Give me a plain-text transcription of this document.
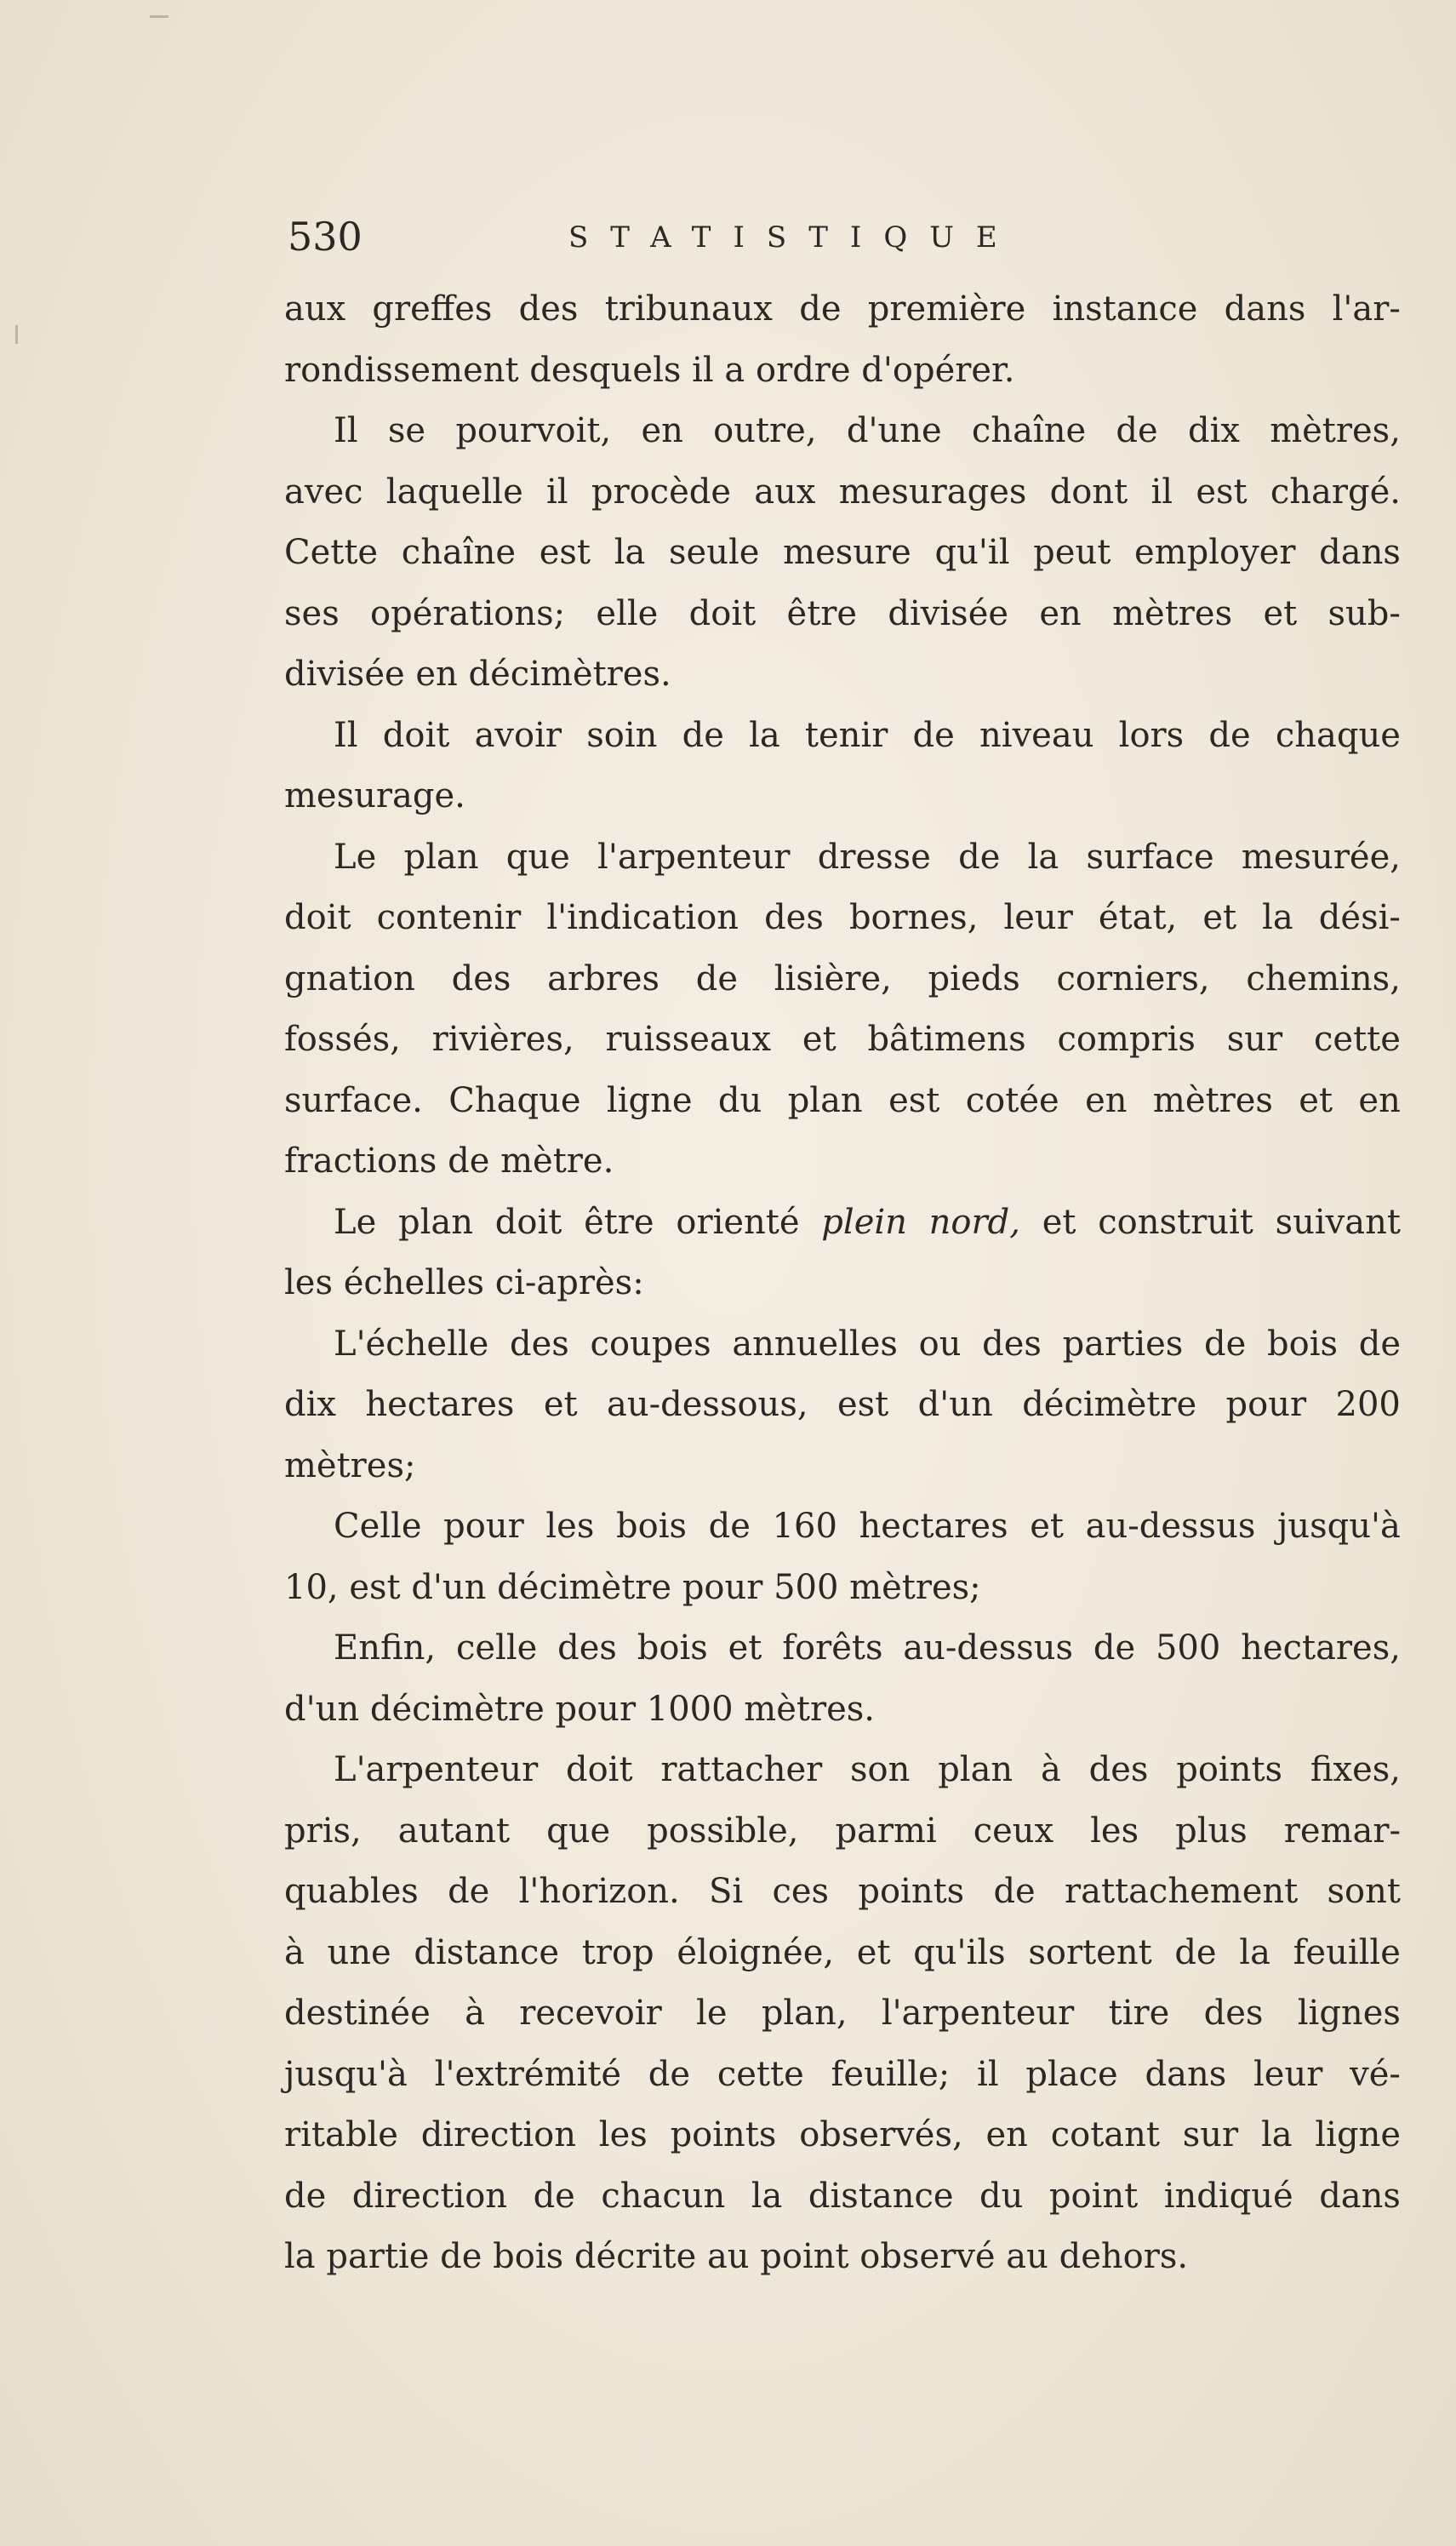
530	STATISTIQUE
aux greffes des tribunaux de première instance dans l'ar-
rondissement desquels il a ordre d'opérer.
Il se pourvoit, en outre, d'une chaîne de dix mètres,
avec laquelle il procède aux mesurages dont il est chargé.
Cette chaîne est la seule mesure qu'il peut employer dans
ses opérations; elle doit être divisée en mètres et sub-
divisée en décimètres.
Il doit avoir soin de la tenir de niveau lors de chaque
mesurage.
Le plan que l'arpenteur dresse de la surface mesurée,
doit contenir l'indication des bornes, leur état, et la dési-
gnation des arbres de lisière, pieds corniers, chemins,
fossés, rivières, ruisseaux et bâtimens compris sur cette
surface. Chaque ligne du plan est cotée en mètres et en
fractions de mètre.
Le plan doit être orienté plein nord, et construit suivant
les échelles ci-après:
L'échelle des coupes annuelles ou des parties de bois de
dix hectares et au-dessous, est d'un décimètre pour 200
mètres;
Celle pour les bois de 160 hectares et au-dessus jusqu'à
10, est d'un décimètre pour 500 mètres;
Enfin, celle des bois et forêts au-dessus de 500 hectares,
d'un décimètre pour 1000 mètres.
L'arpenteur doit rattacher son plan à des points fixes,
pris, autant que possible, parmi ceux les plus remar-
quables de l'horizon. Si ces points de rattachement sont
à une distance trop éloignée, et qu'ils sortent de la feuille
destinée à recevoir le plan, l'arpenteur tire des lignes
jusqu'à l'extrémité de cette feuille; il place dans leur vé-
ritable direction les points observés, en cotant sur la ligne
de direction de chacun la distance du point indiqué dans
la partie de bois décrite au point observé au dehors.
